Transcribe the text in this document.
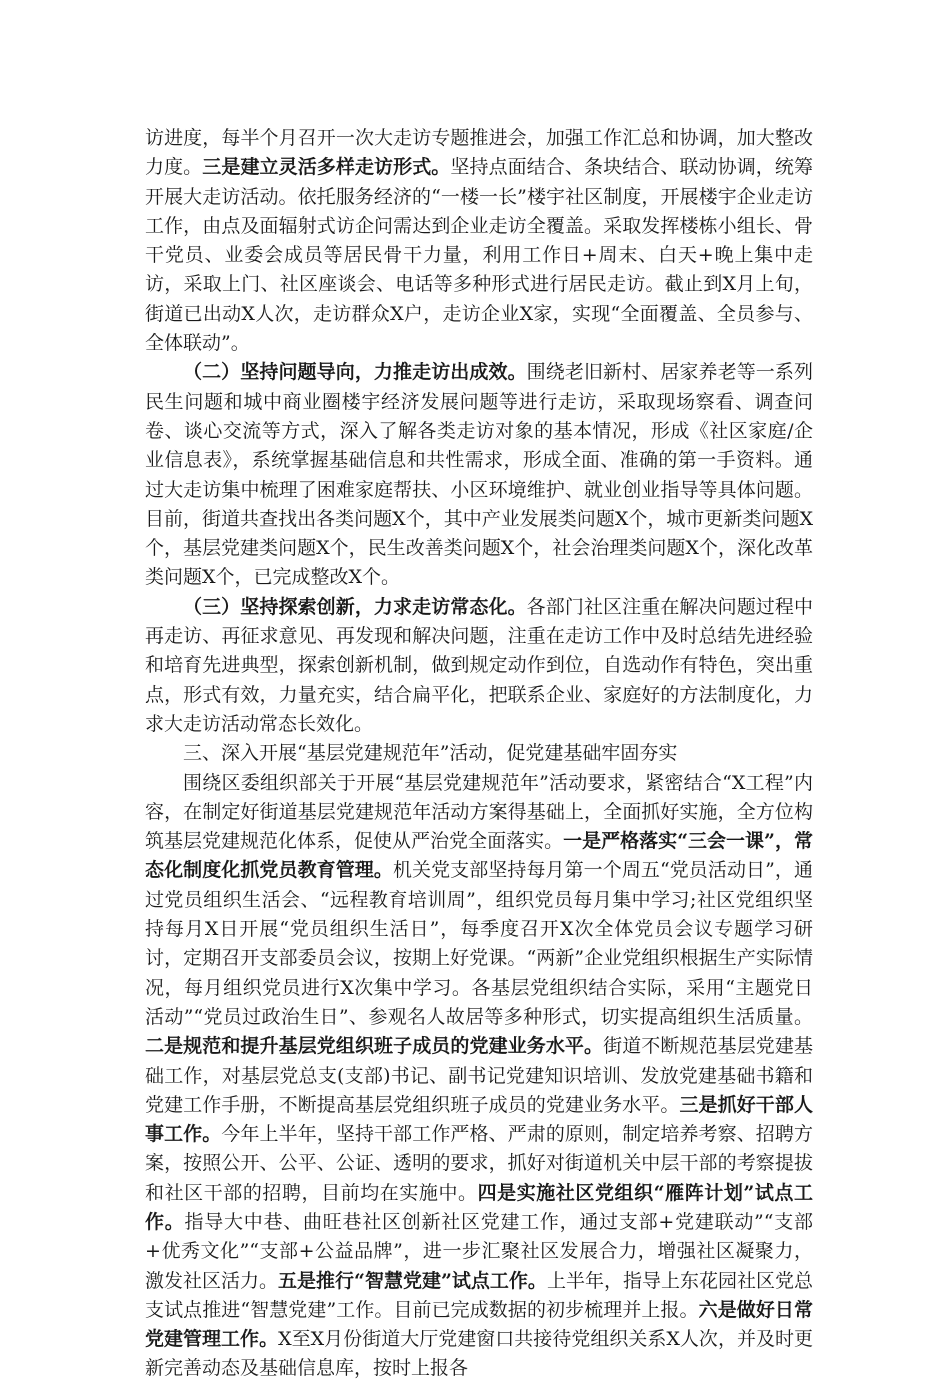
访进度，每半个月召开一次大走访专题推进会，加强工作汇总和协调，加大整改力度。三是建立灵活多样走访形式。坚持点面结合、条块结合、联动协调，统筹开展大走访活动。依托服务经济的“一楼一长”楼宇社区制度，开展楼宇企业走访工作，由点及面辐射式访企问需达到企业走访全覆盖。采取发挥楼栋小组长、骨干党员、业委会成员等居民骨干力量，利用工作日+周末、白天+晚上集中走访，采取上门、社区座谈会、电话等多种形式进行居民走访。截止到X月上旬，街道已出动X人次，走访群众X户，走访企业X家，实现“全面覆盖、全员参与、全体联动”。

（二）坚持问题导向，力推走访出成效。围绕老旧新村、居家养老等一系列民生问题和城中商业圈楼宇经济发展问题等进行走访，采取现场察看、调查问卷、谈心交流等方式，深入了解各类走访对象的基本情况，形成《社区家庭/企业信息表》，系统掌握基础信息和共性需求，形成全面、准确的第一手资料。通过大走访集中梳理了困难家庭帮扶、小区环境维护、就业创业指导等具体问题。目前，街道共查找出各类问题X个，其中产业发展类问题X个，城市更新类问题X个，基层党建类问题X个，民生改善类问题X个，社会治理类问题X个，深化改革类问题X个，已完成整改X个。

（三）坚持探索创新，力求走访常态化。各部门社区注重在解决问题过程中再走访、再征求意见、再发现和解决问题，注重在走访工作中及时总结先进经验和培育先进典型，探索创新机制，做到规定动作到位，自选动作有特色，突出重点，形式有效，力量充实，结合扁平化，把联系企业、家庭好的方法制度化，力求大走访活动常态长效化。

三、深入开展“基层党建规范年”活动，促党建基础牢固夯实

围绕区委组织部关于开展“基层党建规范年”活动要求，紧密结合“X工程”内容，在制定好街道基层党建规范年活动方案得基础上，全面抓好实施，全方位构筑基层党建规范化体系，促使从严治党全面落实。一是严格落实“三会一课”，常态化制度化抓党员教育管理。机关党支部坚持每月第一个周五“党员活动日”，通过党员组织生活会、“远程教育培训周”，组织党员每月集中学习;社区党组织坚持每月X日开展“党员组织生活日”，每季度召开X次全体党员会议专题学习研讨，定期召开支部委员会议，按期上好党课。“两新”企业党组织根据生产实际情况，每月组织党员进行X次集中学习。各基层党组织结合实际，采用“主题党日活动”“党员过政治生日”、参观名人故居等多种形式，切实提高组织生活质量。二是规范和提升基层党组织班子成员的党建业务水平。街道不断规范基层党建基础工作，对基层党总支(支部)书记、副书记党建知识培训、发放党建基础书籍和党建工作手册，不断提高基层党组织班子成员的党建业务水平。三是抓好干部人事工作。今年上半年，坚持干部工作严格、严肃的原则，制定培养考察、招聘方案，按照公开、公平、公证、透明的要求，抓好对街道机关中层干部的考察提拔和社区干部的招聘，目前均在实施中。四是实施社区党组织“雁阵计划”试点工作。指导大中巷、曲旺巷社区创新社区党建工作，通过支部+党建联动”“支部+优秀文化”“支部+公益品牌”，进一步汇聚社区发展合力，增强社区凝聚力，激发社区活力。五是推行“智慧党建”试点工作。上半年，指导上东花园社区党总支试点推进“智慧党建”工作。目前已完成数据的初步梳理并上报。六是做好日常党建管理工作。X至X月份街道大厅党建窗口共接待党组织关系X人次，并及时更新完善动态及基础信息库，按时上报各
